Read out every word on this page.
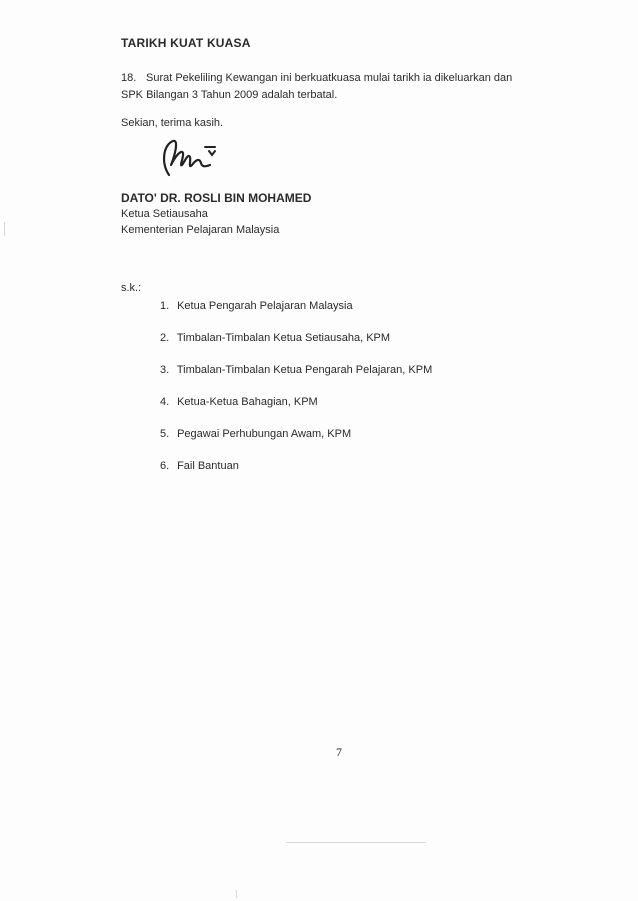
TARIKH KUAT KUASA
18. Surat Pekeliling Kewangan ini berkuatkuasa mulai tarikh ia dikeluarkan dan
SPK Bilangan 3 Tahun 2009 adalah terbatal.
Sekian, terima kasih.
DATO' DR. ROSLI BIN MOHAMED
Ketua Setiausaha
Kementerian Pelajaran Malaysia
s.k.:
1. Ketua Pengarah Pelajaran Malaysia
2. Timbalan-Timbalan Ketua Setiausaha, KPM
3. Timbalan-Timbalan Ketua Pengarah Pelajaran, KPM
4. Ketua-Ketua Bahagian, KPM
5. Pegawai Perhubungan Awam, KPM
6. Fail Bantuan
7
